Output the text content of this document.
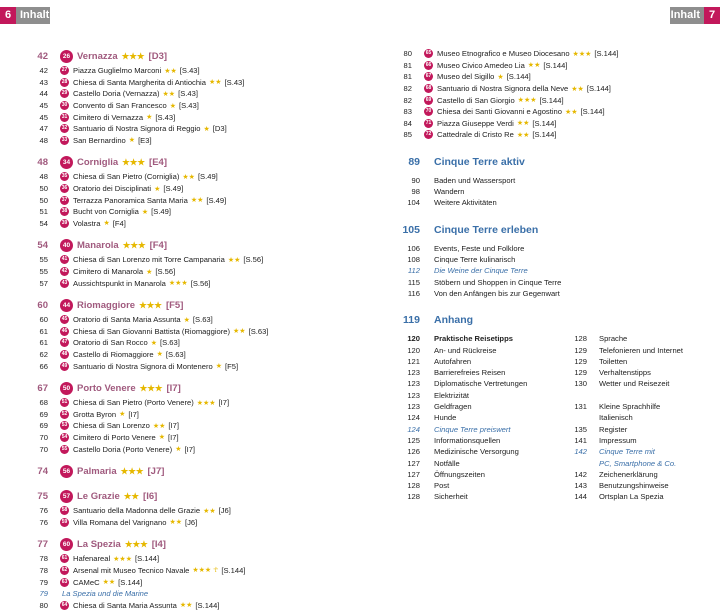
6 Inhalt	Inhalt 7
42	26 Vernazza ★★★ [D3]
42	27 Piazza Guglielmo Marconi ★★ [S.43]
43	28 Chiesa di Santa Margherita di Antiochia ★★ [S.43]
44	29 Castello Doria (Vernazza) ★★ [S.43]
45	30 Convento di San Francesco ★ [S.43]
45	31 Cimitero di Vernazza ★ [S.43]
47	32 Santuario di Nostra Signora di Reggio ★ [D3]
48	33 San Bernardino ★ [E3]
48	34 Corniglia ★★★ [E4]
48	35 Chiesa di San Pietro (Corniglia) ★★ [S.49]
50	36 Oratorio dei Disciplinati ★ [S.49]
50	37 Terrazza Panoramica Santa Maria ★★ [S.49]
51	38 Bucht von Corniglia ★ [S.49]
54	39 Volastra ★ [F4]
54	40 Manarola ★★★ [F4]
55	41 Chiesa di San Lorenzo mit Torre Campanaria ★★ [S.56]
55	42 Cimitero di Manarola ★ [S.56]
57	43 Aussichtspunkt in Manarola ★★★ [S.56]
60	44 Riomaggiore ★★★ [F5]
60	45 Oratorio di Santa Maria Assunta ★ [S.63]
61	46 Chiesa di San Giovanni Battista (Riomaggiore) ★★ [S.63]
61	47 Oratorio di San Rocco ★ [S.63]
62	48 Castello di Riomaggiore ★ [S.63]
66	49 Santuario di Nostra Signora di Montenero ★ [F5]
67	50 Porto Venere ★★★ [I7]
68	51 Chiesa di San Pietro (Porto Venere) ★★★ [I7]
69	52 Grotta Byron ★ [I7]
69	53 Chiesa di San Lorenzo ★★ [I7]
70	54 Cimitero di Porto Venere ★ [I7]
70	55 Castello Doria (Porto Venere) ★ [I7]
74	56 Palmaria ★★★ [J7]
75	57 Le Grazie ★★ [I6]
76	58 Santuario della Madonna delle Grazie ★★ [J6]
76	59 Villa Romana del Varignano ★★ [J6]
77	60 La Spezia ★★★ [I4]
78	61 Hafenareal ★★★ [S.144]
78	62 Arsenal mit Museo Tecnico Navale ★★★ ☥ [S.144]
79	63 CAMeC ★★ [S.144]
79 La Spezia und die Marine
80	64 Chiesa di Santa Maria Assunta ★★ [S.144]
80	65 Museo Etnografico e Museo Diocesano ★★★ [S.144]
81	66 Museo Civico Amedeo Lia ★★ [S.144]
81	67 Museo del Sigillo ★ [S.144]
82	68 Santuario di Nostra Signora della Neve ★★ [S.144]
82	69 Castello di San Giorgio ★★★ [S.144]
83	70 Chiesa dei Santi Giovanni e Agostino ★★ [S.144]
84	71 Piazza Giuseppe Verdi ★★ [S.144]
85	72 Cattedrale di Cristo Re ★★ [S.144]
89 Cinque Terre aktiv
90 Baden und Wassersport
98 Wandern
104 Weitere Aktivitäten
105 Cinque Terre erleben
106 Events, Feste und Folklore
108 Cinque Terre kulinarisch
112 Die Weine der Cinque Terre
115 Stöbern und Shoppen in Cinque Terre
116 Von den Anfängen bis zur Gegenwart
119 Anhang
120 Praktische Reisetipps
120 An- und Rückreise
121 Autofahren
123 Barrierefreies Reisen
123 Diplomatische Vertretungen
123 Elektrizität
123 Geldfragen
124 Hunde
124 Cinque Terre preiswert
125 Informationsquellen
126 Medizinische Versorgung
127 Notfälle
127 Öffnungszeiten
128 Post
128 Sicherheit
128 Sprache
129 Telefonieren und Internet
129 Toiletten
129 Verhaltenstipps
130 Wetter und Reisezeit
131 Kleine Sprachhilfe
Italienisch
135 Register
141 Impressum
142 Cinque Terre mit
PC, Smartphone & Co.
142 Zeichenerklärung
143 Benutzungshinweise
144 Ortsplan La Spezia
